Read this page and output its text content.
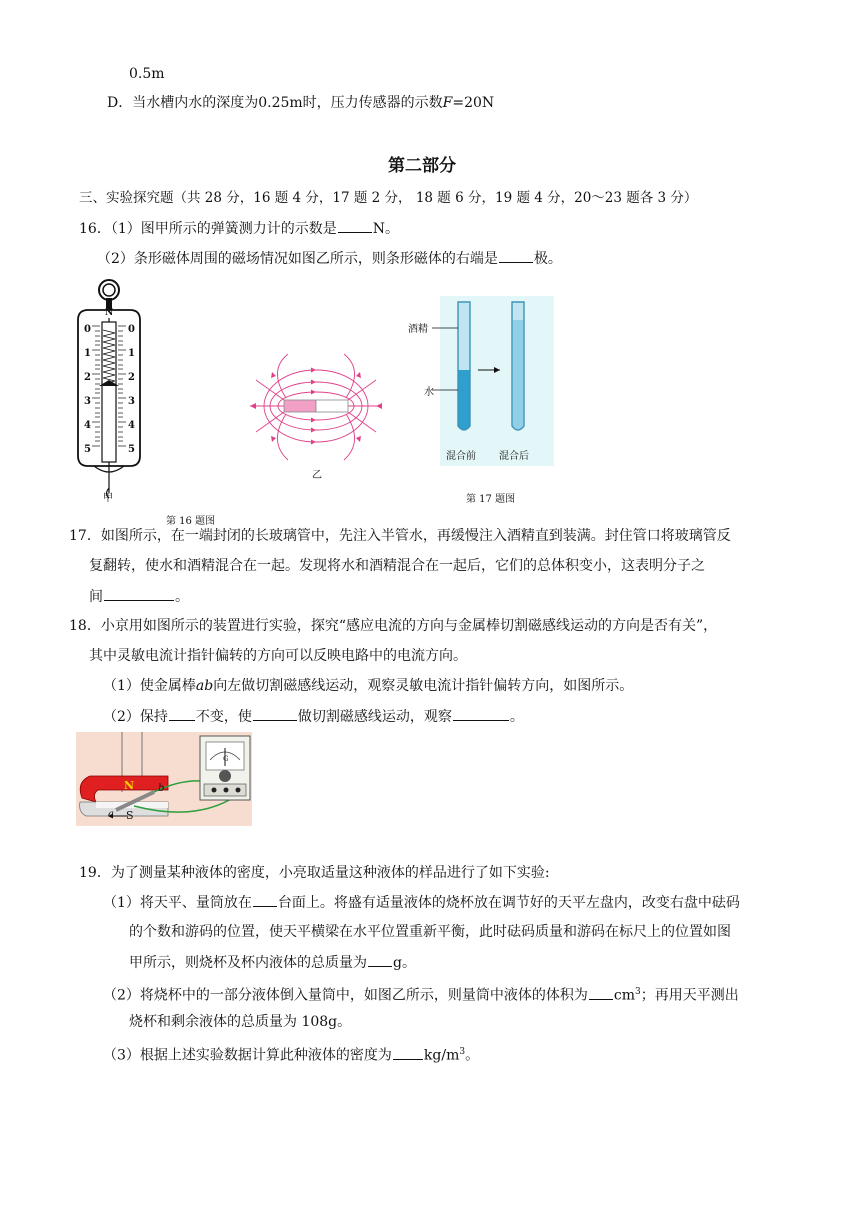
0.5m
D．当水槽内水的深度为0.25m时，压力传感器的示数F=20N
第二部分
三、实验探究题（共 28 分，16 题 4 分，17 题 2 分， 18 题 6 分，19 题 4 分，20～23 题各 3 分）
16．（1）图甲所示的弹簧测力计的示数是	N。
（2）条形磁体周围的磁场情况如图乙所示，则条形磁体的右端是	极。
N
0
1
2
3
4
5
0
1
2
3
4
5
甲
乙
第 16 题图
酒精
水
混合前 混合后
第 17 题图
17．如图所示，在一端封闭的长玻璃管中，先注入半管水，再缓慢注入酒精直到装满。封住管口将玻璃管反
复翻转，使水和酒精混合在一起。发现将水和酒精混合在一起后，它们的总体积变小，这表明分子之
间	。
18．小京用如图所示的装置进行实验，探究“感应电流的方向与金属棒切割磁感线运动的方向是否有关”，
其中灵敏电流计指针偏转的方向可以反映电路中的电流方向。
（1）使金属棒ab向左做切割磁感线运动，观察灵敏电流计指针偏转方向，如图所示。
（2）保持 不变，使	做切割磁感线运动，观察	。
N
S
a
b
G
19．为了测量某种液体的密度，小亮取适量这种液体的样品进行了如下实验:
（1）将天平、量筒放在 台面上。将盛有适量液体的烧杯放在调节好的天平左盘内，改变右盘中砝码
的个数和游码的位置，使天平横梁在水平位置重新平衡，此时砝码质量和游码在标尺上的位置如图
甲所示，则烧杯及杯内液体的总质量为 g。
（2）将烧杯中的一部分液体倒入量筒中，如图乙所示，则量筒中液体的体积为 $cm^3$；再用天平测出
烧杯和剩余液体的总质量为 108g。
（3）根据上述实验数据计算此种液体的密度为 $kg/m^3$。
